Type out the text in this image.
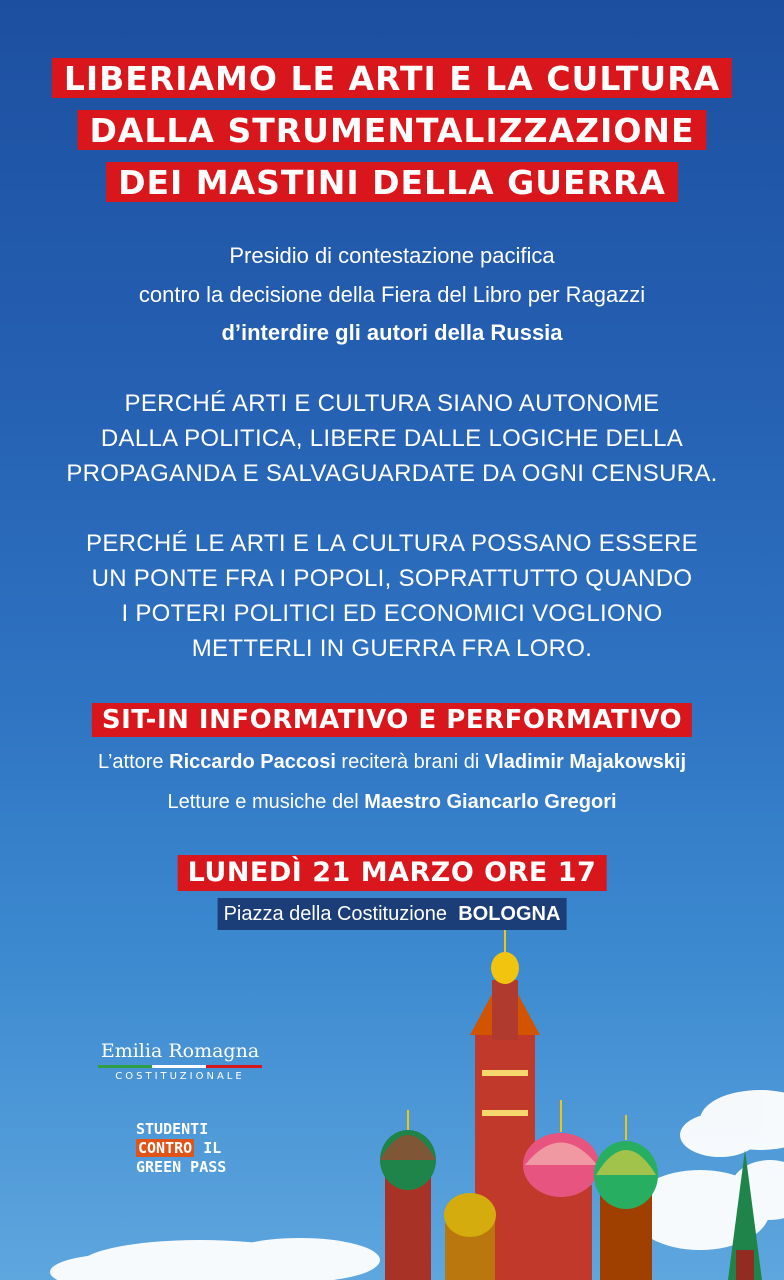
LIBERIAMO LE ARTI E LA CULTURA
DALLA STRUMENTALIZZAZIONE
DEI MASTINI DELLA GUERRA
Presidio di contestazione pacifica
contro la decisione della Fiera del Libro per Ragazzi
d’interdire gli autori della Russia
PERCHÉ ARTI E CULTURA SIANO AUTONOME
DALLA POLITICA, LIBERE DALLE LOGICHE DELLA
PROPAGANDA E SALVAGUARDATE DA OGNI CENSURA.
PERCHÉ LE ARTI E LA CULTURA POSSANO ESSERE
UN PONTE FRA I POPOLI, SOPRATTUTTO QUANDO
I POTERI POLITICI ED ECONOMICI VOGLIONO
METTERLI IN GUERRA FRA LORO.
SIT-IN INFORMATIVO E PERFORMATIVO
L’attore Riccardo Paccosi reciterà brani di Vladimir Majakowskij
Letture e musiche del Maestro Giancarlo Gregori
LUNEDÌ 21 MARZO ORE 17
Piazza della Costituzione BOLOGNA
Emilia Romagna
COSTITUZIONALE
STUDENTI
CONTRO IL
GREEN PASS
